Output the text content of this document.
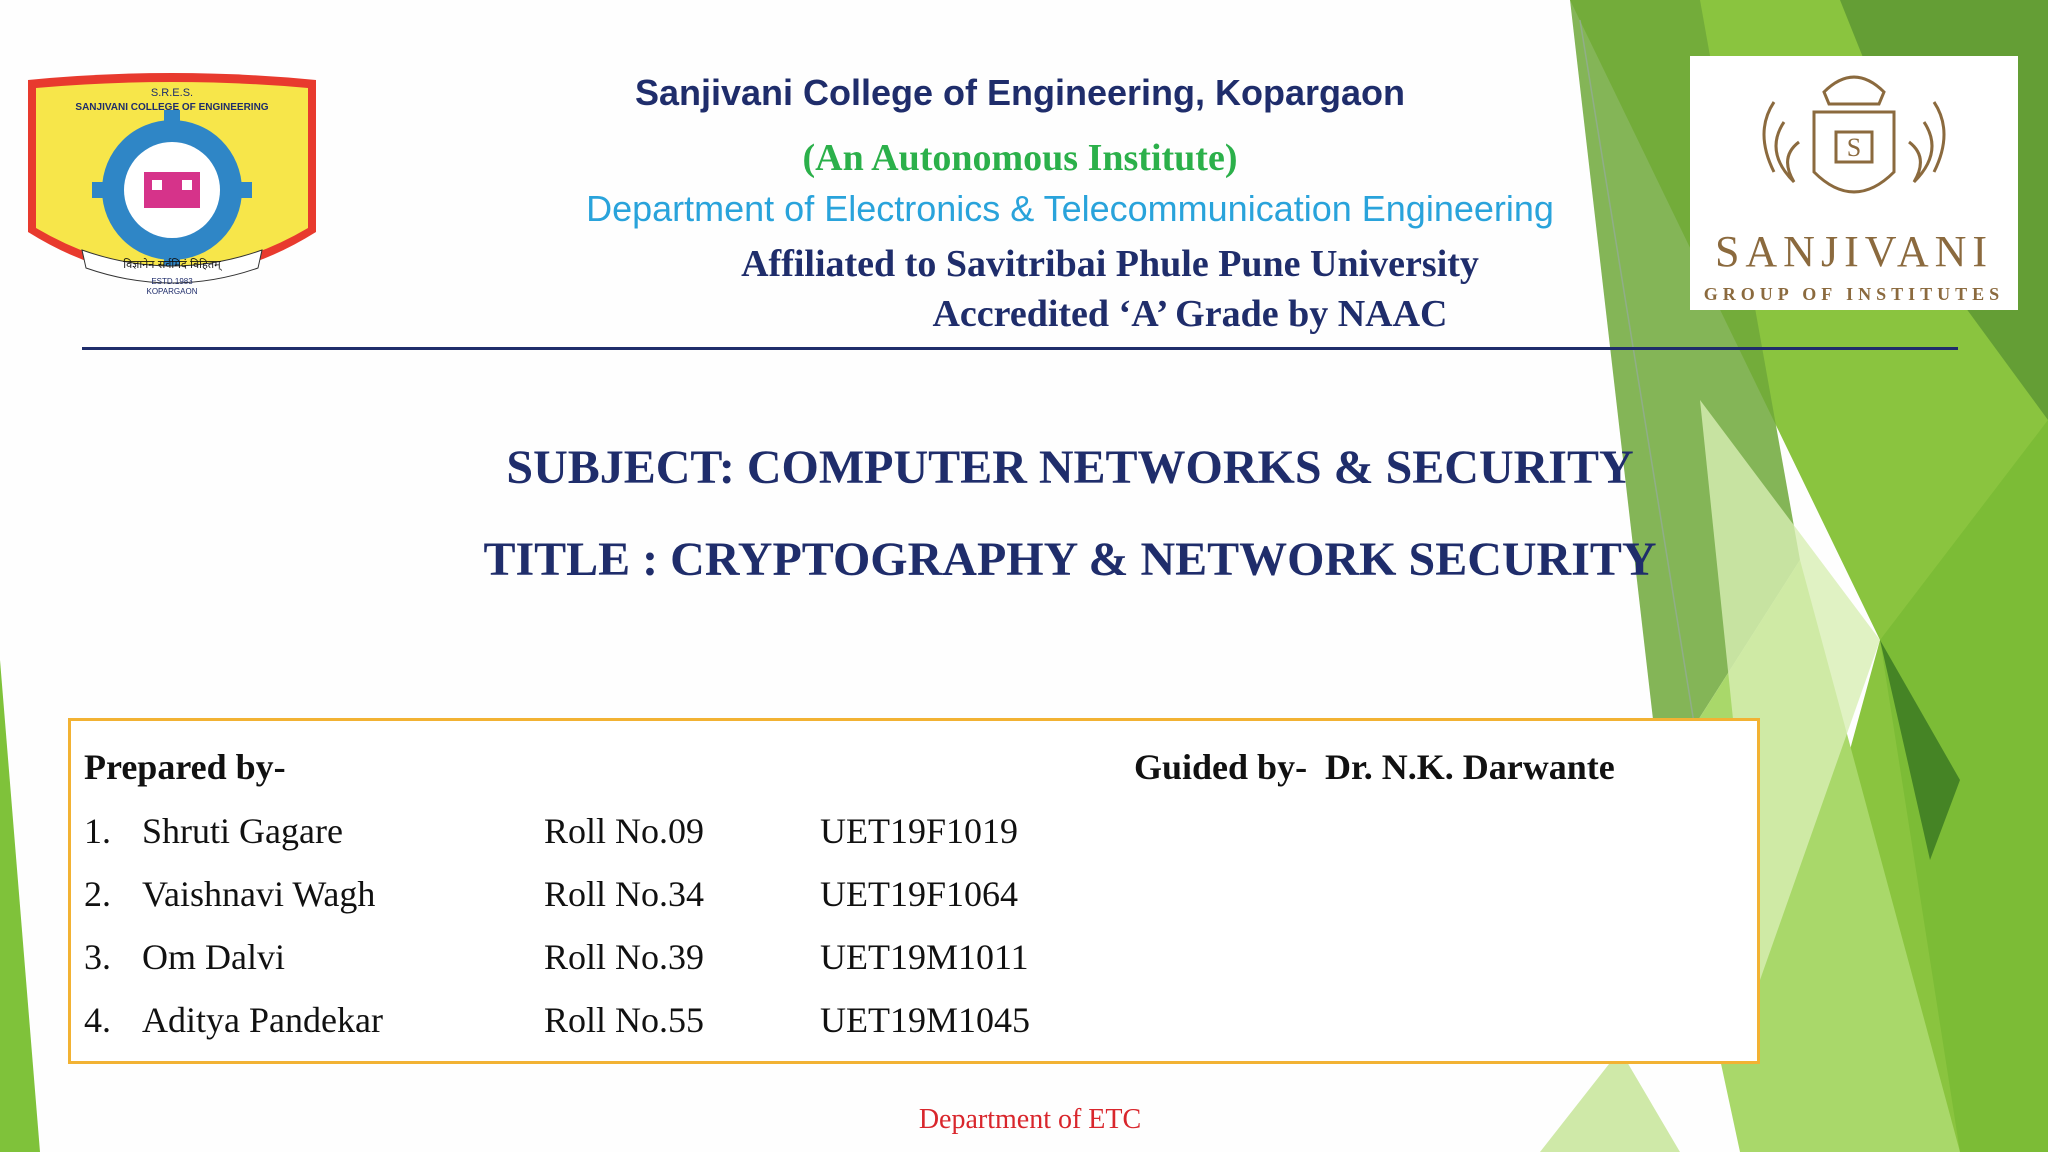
S.R.E.S.
SANJIVANI COLLEGE OF ENGINEERING
विज्ञानेन सर्वमिदं विहितम्
ESTD.1983
KOPARGAON
S
SANJIVANI
GROUP OF INSTITUTES
Sanjivani College of Engineering, Kopargaon
(An Autonomous Institute)
Department of Electronics & Telecommunication Engineering
Affiliated to Savitribai Phule Pune University
Accredited ‘A’ Grade by NAAC
SUBJECT: COMPUTER NETWORKS & SECURITY
TITLE : CRYPTOGRAPHY & NETWORK SECURITY
Prepared by-	Guided by-  Dr. N.K. Darwante
1. Shruti Gagare	Roll No.09	UET19F1019
2. Vaishnavi Wagh	Roll No.34	UET19F1064
3. Om Dalvi	Roll No.39	UET19M1011
4. Aditya Pandekar	Roll No.55	UET19M1045
Department of ETC
